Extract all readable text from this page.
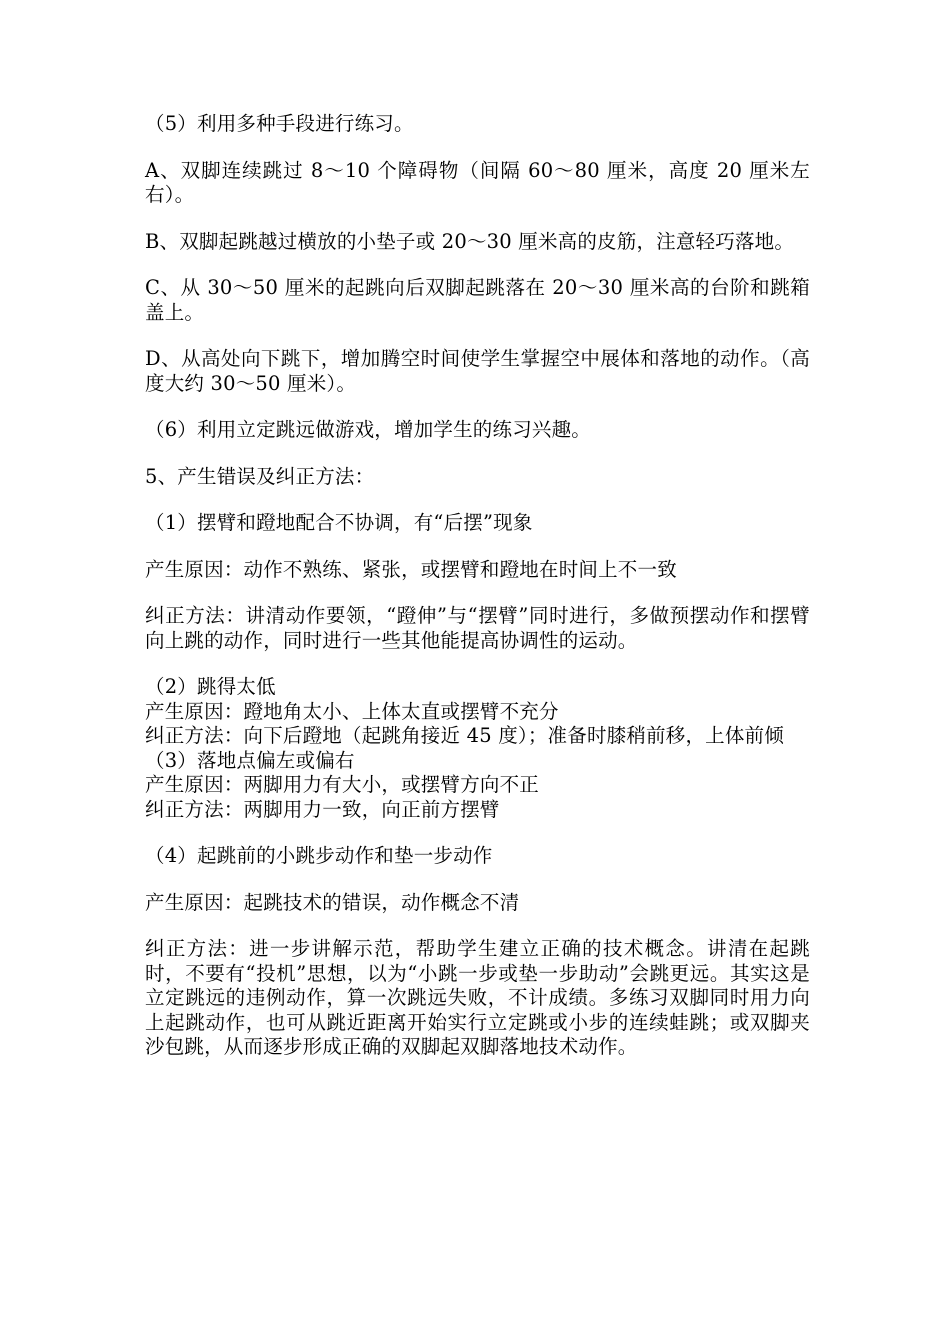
（5）利用多种手段进行练习。

A、双脚连续跳过 8～10 个障碍物（间隔 60～80 厘米，高度 20 厘米左右）。

B、双脚起跳越过横放的小垫子或 20～30 厘米高的皮筋，注意轻巧落地。

C、从 30～50 厘米的起跳向后双脚起跳落在 20～30 厘米高的台阶和跳箱盖上。

D、从高处向下跳下，增加腾空时间使学生掌握空中展体和落地的动作。（高度大约 30～50 厘米）。

（6）利用立定跳远做游戏，增加学生的练习兴趣。

5、产生错误及纠正方法：

（1）摆臂和蹬地配合不协调，有“后摆”现象

产生原因：动作不熟练、紧张，或摆臂和蹬地在时间上不一致

纠正方法：讲清动作要领，“蹬伸”与“摆臂”同时进行，多做预摆动作和摆臂向上跳的动作，同时进行一些其他能提高协调性的运动。

（2）跳得太低

产生原因：蹬地角太小、上体太直或摆臂不充分

纠正方法：向下后蹬地（起跳角接近 45 度）；准备时膝稍前移，上体前倾

（3）落地点偏左或偏右

产生原因：两脚用力有大小，或摆臂方向不正

纠正方法：两脚用力一致，向正前方摆臂

（4）起跳前的小跳步动作和垫一步动作

产生原因：起跳技术的错误，动作概念不清

纠正方法：进一步讲解示范，帮助学生建立正确的技术概念。讲清在起跳时，不要有“投机”思想，以为“小跳一步或垫一步助动”会跳更远。其实这是立定跳远的违例动作，算一次跳远失败，不计成绩。多练习双脚同时用力向上起跳动作，也可从跳近距离开始实行立定跳或小步的连续蛙跳；或双脚夹沙包跳，从而逐步形成正确的双脚起双脚落地技术动作。
